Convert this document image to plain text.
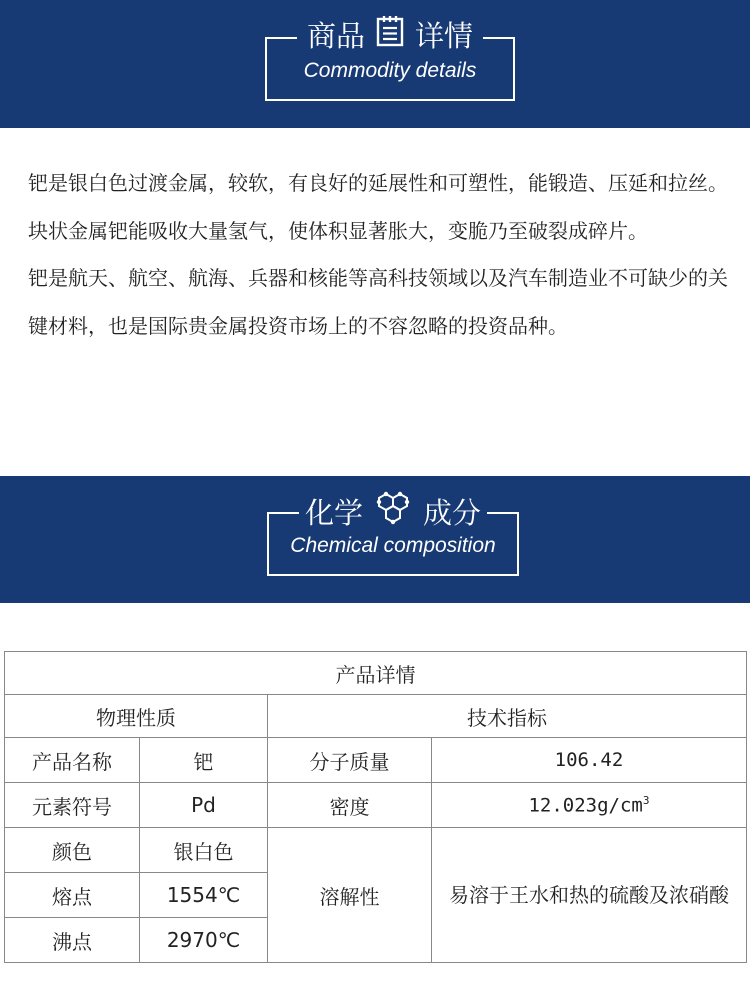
商品 详情
Commodity details

钯是银白色过渡金属，较软，有良好的延展性和可塑性，能锻造、压延和拉丝。块状金属钯能吸收大量氢气，使体积显著胀大，变脆乃至破裂成碎片。

钯是航天、航空、航海、兵器和核能等高科技领域以及汽车制造业不可缺少的关键材料，也是国际贵金属投资市场上的不容忽略的投资品种。

化学 成分
Chemical composition
产品详情			
物理性质		技术指标	
产品名称	钯	分子质量	106.42
元素符号	Pd	密度	$12.023g/cm^3$
颜色	银白色	溶解性	易溶于王水和热的硫酸及浓硝酸
熔点	1554℃		
沸点	2970℃		
